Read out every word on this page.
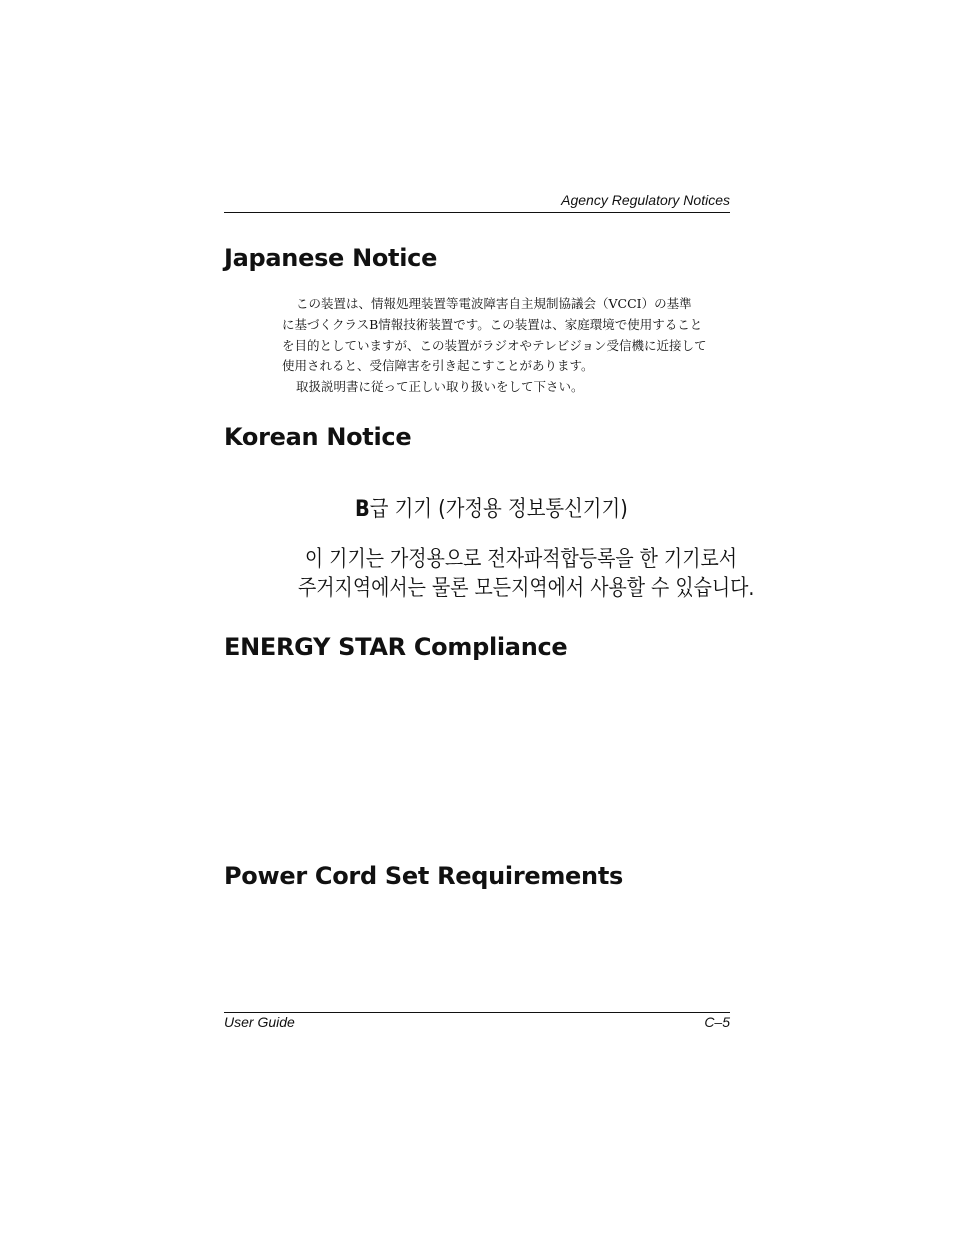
Agency Regulatory Notices
Japanese Notice
この装置は、情報処理装置等電波障害自主規制協議会（VCCI）の基準
に基づくクラスB情報技術装置です。この装置は、家庭環境で使用すること
を目的としていますが、この装置がラジオやテレビジョン受信機に近接して
使用されると、受信障害を引き起こすことがあります。
取扱説明書に従って正しい取り扱いをして下さい。
Korean Notice
B급 기기 (가정용 정보통신기기)
이 기기는 가정용으로 전자파적합등록을 한 기기로서
주거지역에서는 물론 모든지역에서 사용할 수 있습니다.
ENERGY STAR Compliance
Power Cord Set Requirements
User Guide	C–5
